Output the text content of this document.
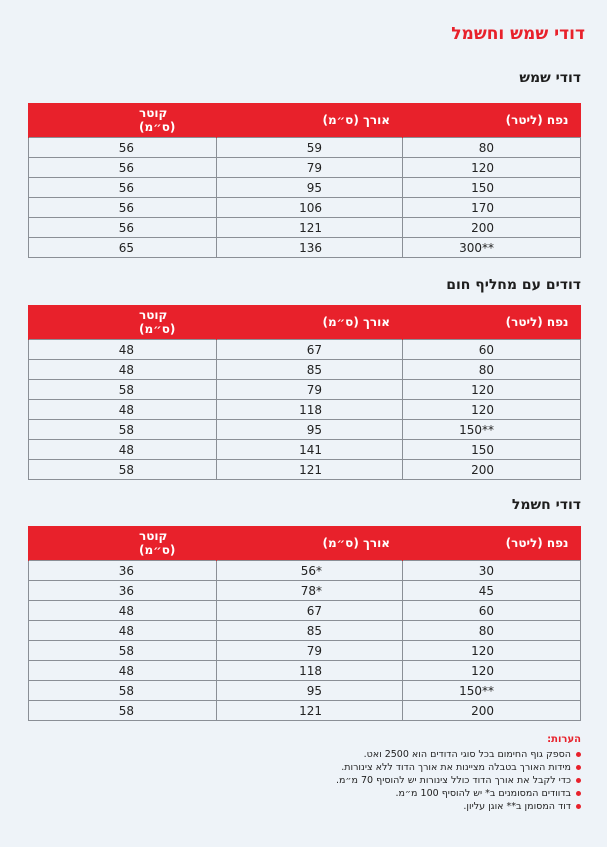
דודי שמש וחשמל
דודי שמש
נפח (ליטר)	אורך (ס״מ)	קוטר (ס״מ)
80	59	56
120	79	56
150	95	56
170	106	56
200	121	56
**300	136	65
דודים עם מחליף חום
נפח (ליטר)	אורך (ס״מ)	קוטר (ס״מ)
60	67	48
80	85	48
120	79	58
120	118	48
**150	95	58
150	141	48
200	121	58
דודי חשמל
נפח (ליטר)	אורך (ס״מ)	קוטר (ס״מ)
30	*56	36
45	*78	36
60	67	48
80	85	48
120	79	58
120	118	48
**150	95	58
200	121	58

הערות:

הספק גוף החימום בכל סוגי הדודים הוא 2500 ואט.
מידות האורך בטבלה מציינות את אורך הדוד ללא צינורות.
כדי לקבל את אורך הדוד כולל צינורות יש להוסיף 70 מ״מ.
בדוודים המסומנים ב* יש להוסיף 100 מ״מ.
דוד המסומן ב** אוגן עליון.
